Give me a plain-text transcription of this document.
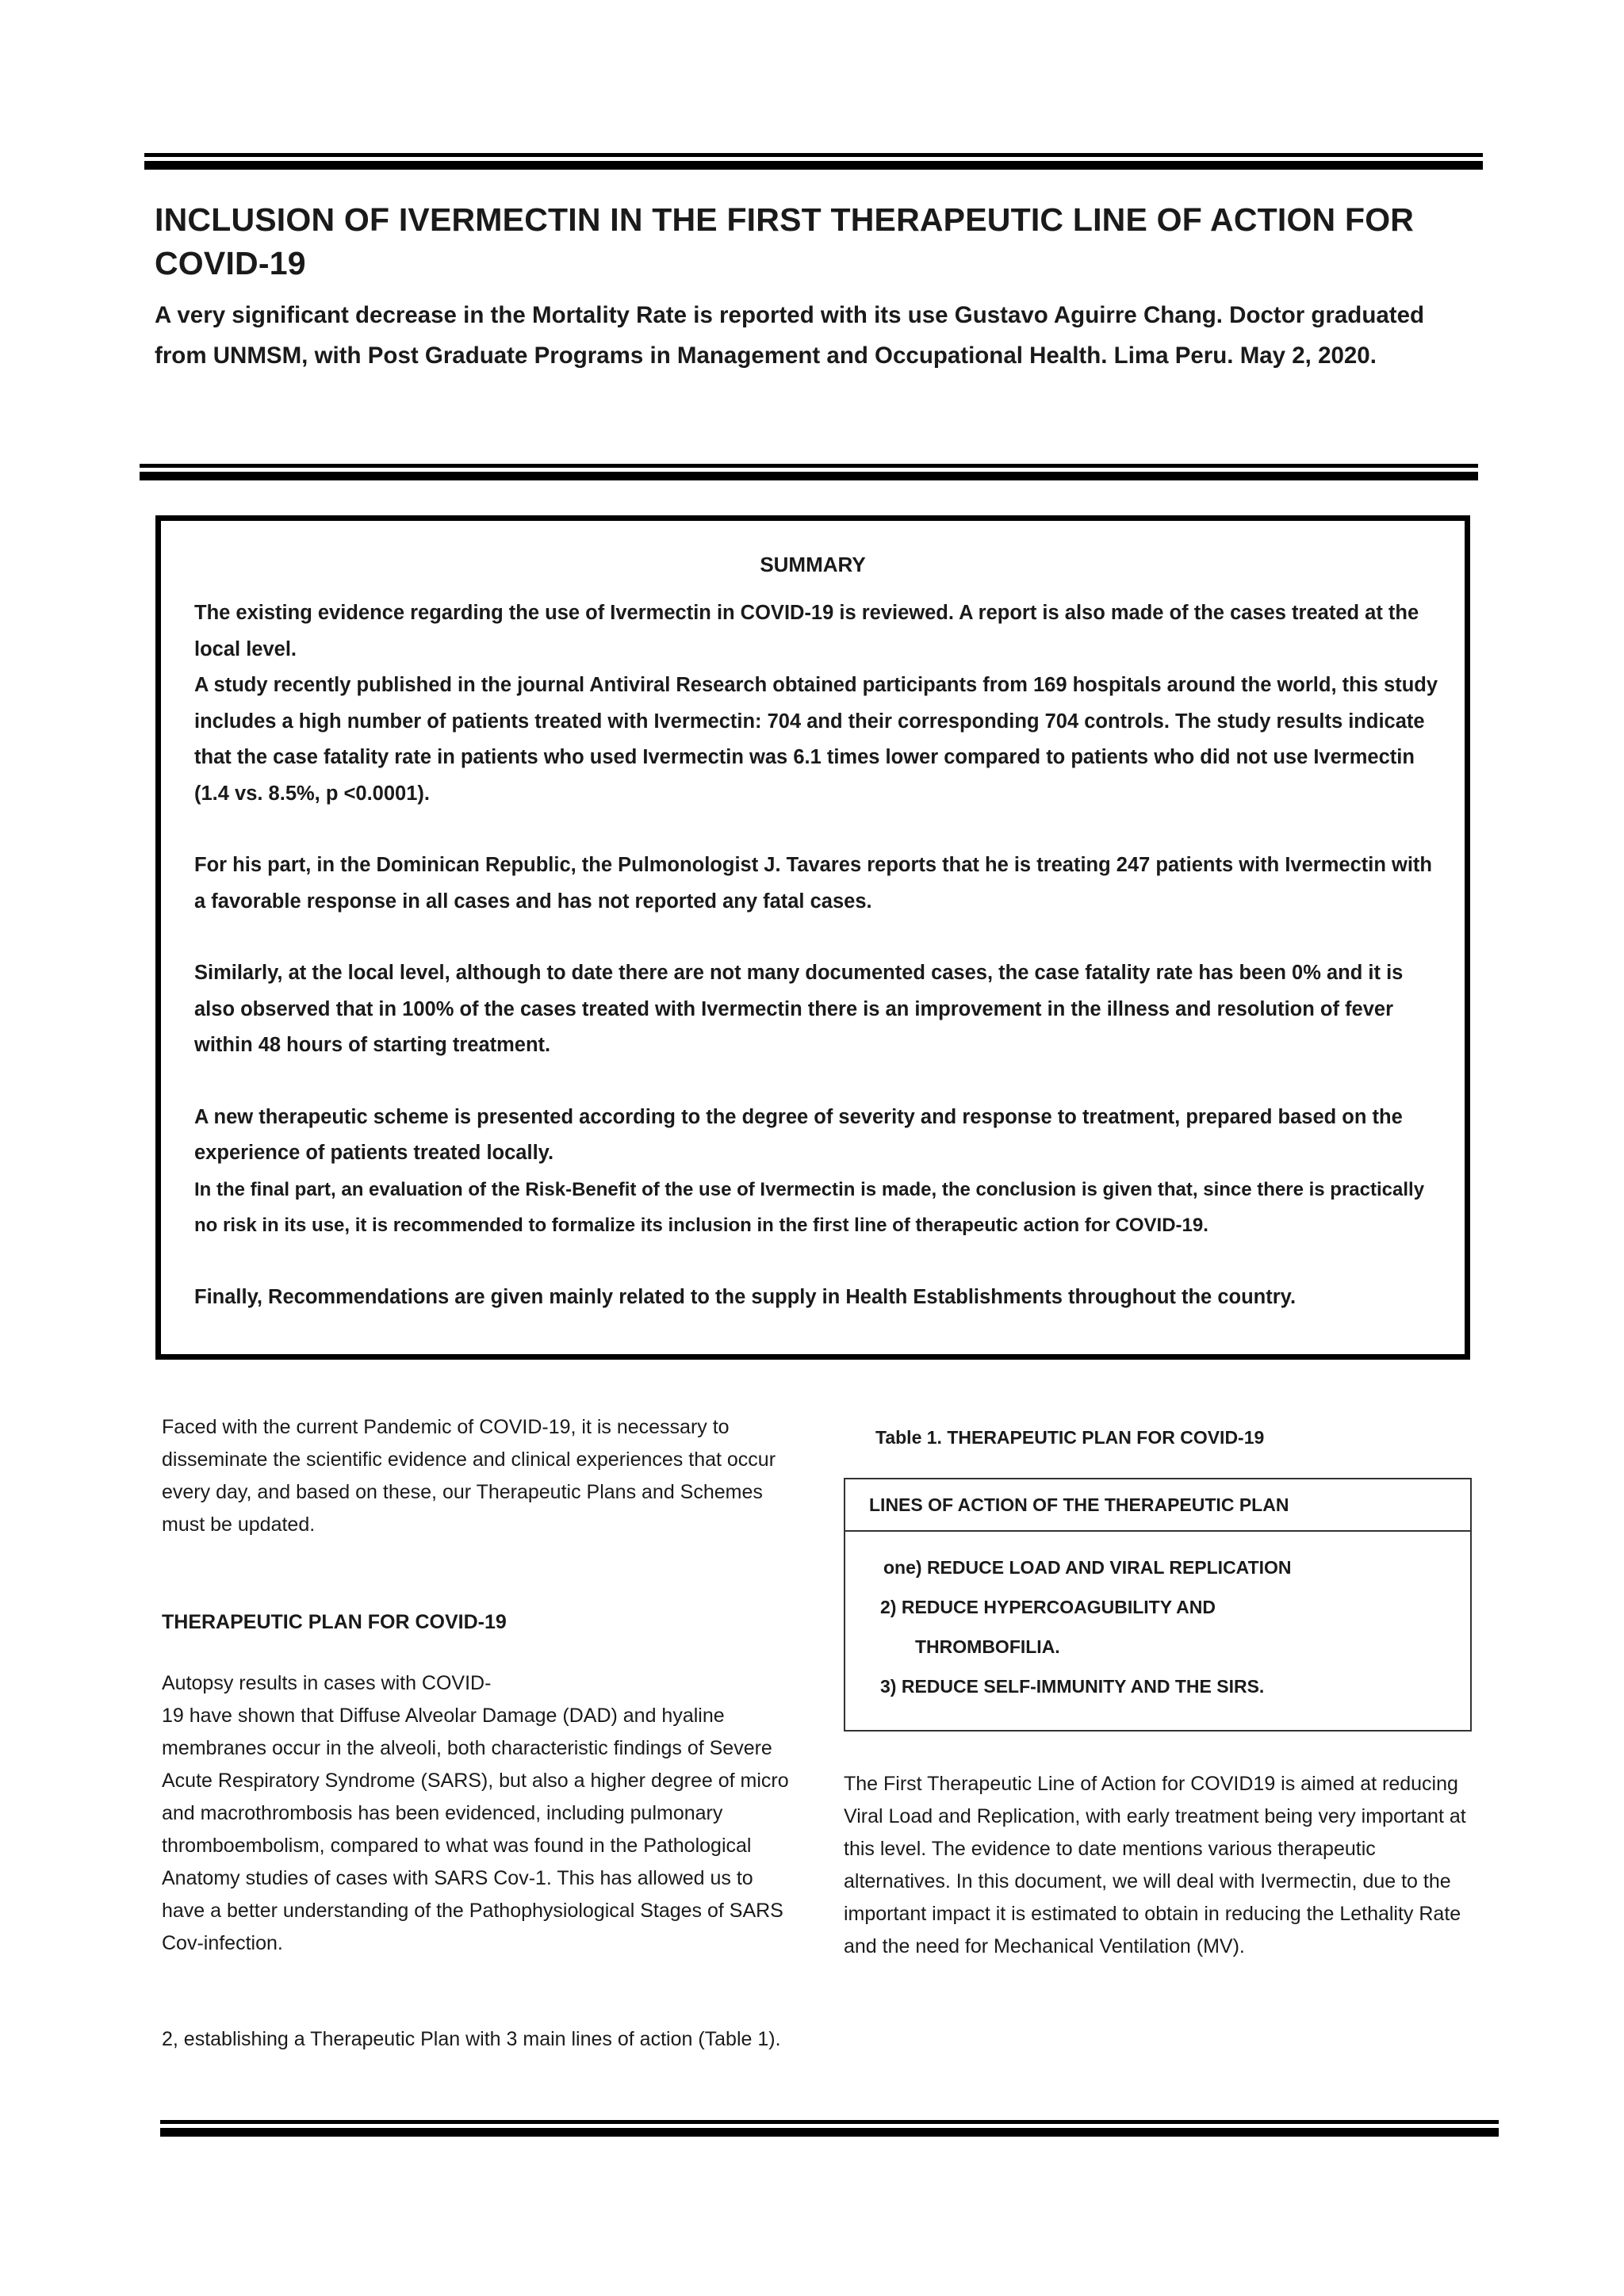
INCLUSION OF IVERMECTIN IN THE FIRST THERAPEUTIC LINE OF ACTION FOR COVID-19

A very significant decrease in the Mortality Rate is reported with its use Gustavo Aguirre Chang. Doctor graduated from UNMSM, with Post Graduate Programs in Management and Occupational Health. Lima Peru. May 2, 2020.

SUMMARY

The existing evidence regarding the use of Ivermectin in COVID-19 is reviewed. A report is also made of the cases treated at the local level.

A study recently published in the journal Antiviral Research obtained participants from 169 hospitals around the world, this study includes a high number of patients treated with Ivermectin: 704 and their corresponding 704 controls. The study results indicate that the case fatality rate in patients who used Ivermectin was 6.1 times lower compared to patients who did not use Ivermectin (1.4 vs. 8.5%, p <0.0001).

For his part, in the Dominican Republic, the Pulmonologist J. Tavares reports that he is treating 247 patients with Ivermectin with a favorable response in all cases and has not reported any fatal cases.

Similarly, at the local level, although to date there are not many documented cases, the case fatality rate has been 0% and it is also observed that in 100% of the cases treated with Ivermectin there is an improvement in the illness and resolution of fever within 48 hours of starting treatment.

A new therapeutic scheme is presented according to the degree of severity and response to treatment, prepared based on the experience of patients treated locally.

In the final part, an evaluation of the Risk-Benefit of the use of Ivermectin is made, the conclusion is given that, since there is practically no risk in its use, it is recommended to formalize its inclusion in the first line of therapeutic action for COVID-19.

Finally, Recommendations are given mainly related to the supply in Health Establishments throughout the country.

Faced with the current Pandemic of COVID-19, it is necessary to disseminate the scientific evidence and clinical experiences that occur every day, and based on these, our Therapeutic Plans and Schemes must be updated.

THERAPEUTIC PLAN FOR COVID-19

Autopsy results in cases with COVID-

19 have shown that Diffuse Alveolar Damage (DAD) and hyaline membranes occur in the alveoli, both characteristic findings of Severe Acute Respiratory Syndrome (SARS), but also a higher degree of micro and macrothrombosis has been evidenced, including pulmonary thromboembolism, compared to what was found in the Pathological Anatomy studies of cases with SARS Cov-1. This has allowed us to have a better understanding of the Pathophysiological Stages of SARS Cov-infection.

2, establishing a Therapeutic Plan with 3 main lines of action (Table 1).

Table 1. THERAPEUTIC PLAN FOR COVID-19

LINES OF ACTION OF THE THERAPEUTIC PLAN
one) REDUCE LOAD AND VIRAL REPLICATION
2) REDUCE HYPERCOAGUBILITY AND
THROMBOFILIA.
3) REDUCE SELF-IMMUNITY AND THE SIRS.

The First Therapeutic Line of Action for COVID19 is aimed at reducing Viral Load and Replication, with early treatment being very important at this level. The evidence to date mentions various therapeutic alternatives. In this document, we will deal with Ivermectin, due to the important impact it is estimated to obtain in reducing the Lethality Rate and the need for Mechanical Ventilation (MV).
